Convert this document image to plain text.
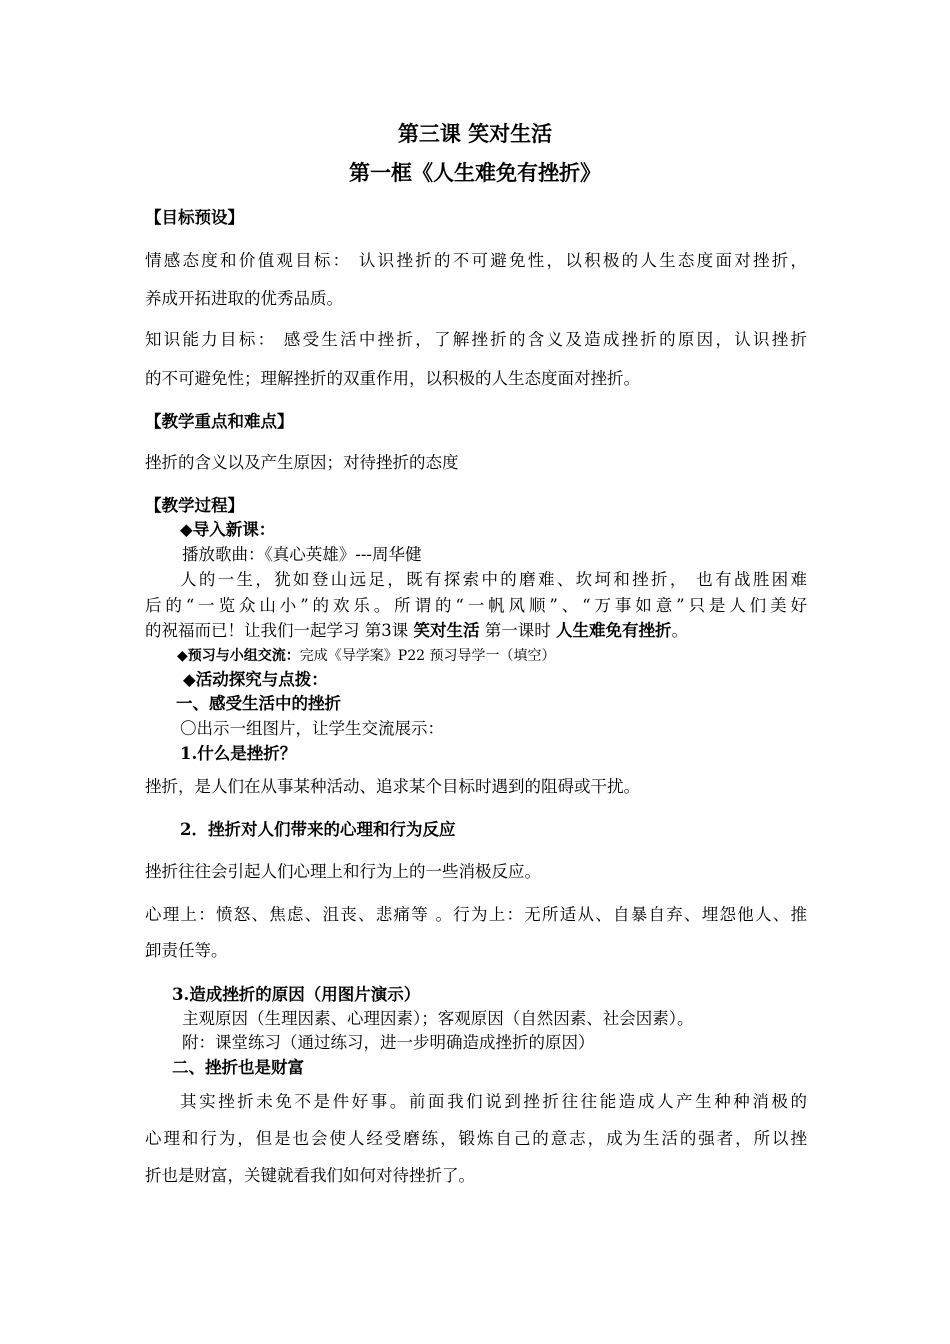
第三课 笑对生活
第一框《人生难免有挫折》
【目标预设】
情感态度和价值观目标： 认识挫折的不可避免性，以积极的人生态度面对挫折，
养成开拓进取的优秀品质。
知识能力目标： 感受生活中挫折，了解挫折的含义及造成挫折的原因，认识挫折
的不可避免性；理解挫折的双重作用，以积极的人生态度面对挫折。
【教学重点和难点】
挫折的含义以及产生原因；对待挫折的态度
【教学过程】
◆导入新课：
播放歌曲：《真心英雄》---周华健
人的一生，犹如登山远足，既有探索中的磨难、坎坷和挫折， 也有战胜困难
后的“一览众山小”的欢乐。所谓的“一帆风顺”、“万事如意”只是人们美好
的祝福而已！让我们一起学习 第3课 笑对生活 第一课时 人生难免有挫折。
◆预习与小组交流：完成《导学案》P22 预习导学一（填空）
◆活动探究与点拨：
一、感受生活中的挫折
〇出示一组图片，让学生交流展示：
1.什么是挫折？
挫折，是人们在从事某种活动、追求某个目标时遇到的阻碍或干扰。
2．挫折对人们带来的心理和行为反应
挫折往往会引起人们心理上和行为上的一些消极反应。
心理上：愤怒、焦虑、沮丧、悲痛等 。行为上：无所适从、自暴自弃、埋怨他人、推
卸责任等。
3.造成挫折的原因（用图片演示）
主观原因（生理因素、心理因素）；客观原因（自然因素、社会因素）。
附：课堂练习（通过练习，进一步明确造成挫折的原因）
二、挫折也是财富
其实挫折未免不是件好事。前面我们说到挫折往往能造成人产生种种消极的
心理和行为，但是也会使人经受磨练，锻炼自己的意志，成为生活的强者，所以挫
折也是财富，关键就看我们如何对待挫折了。
